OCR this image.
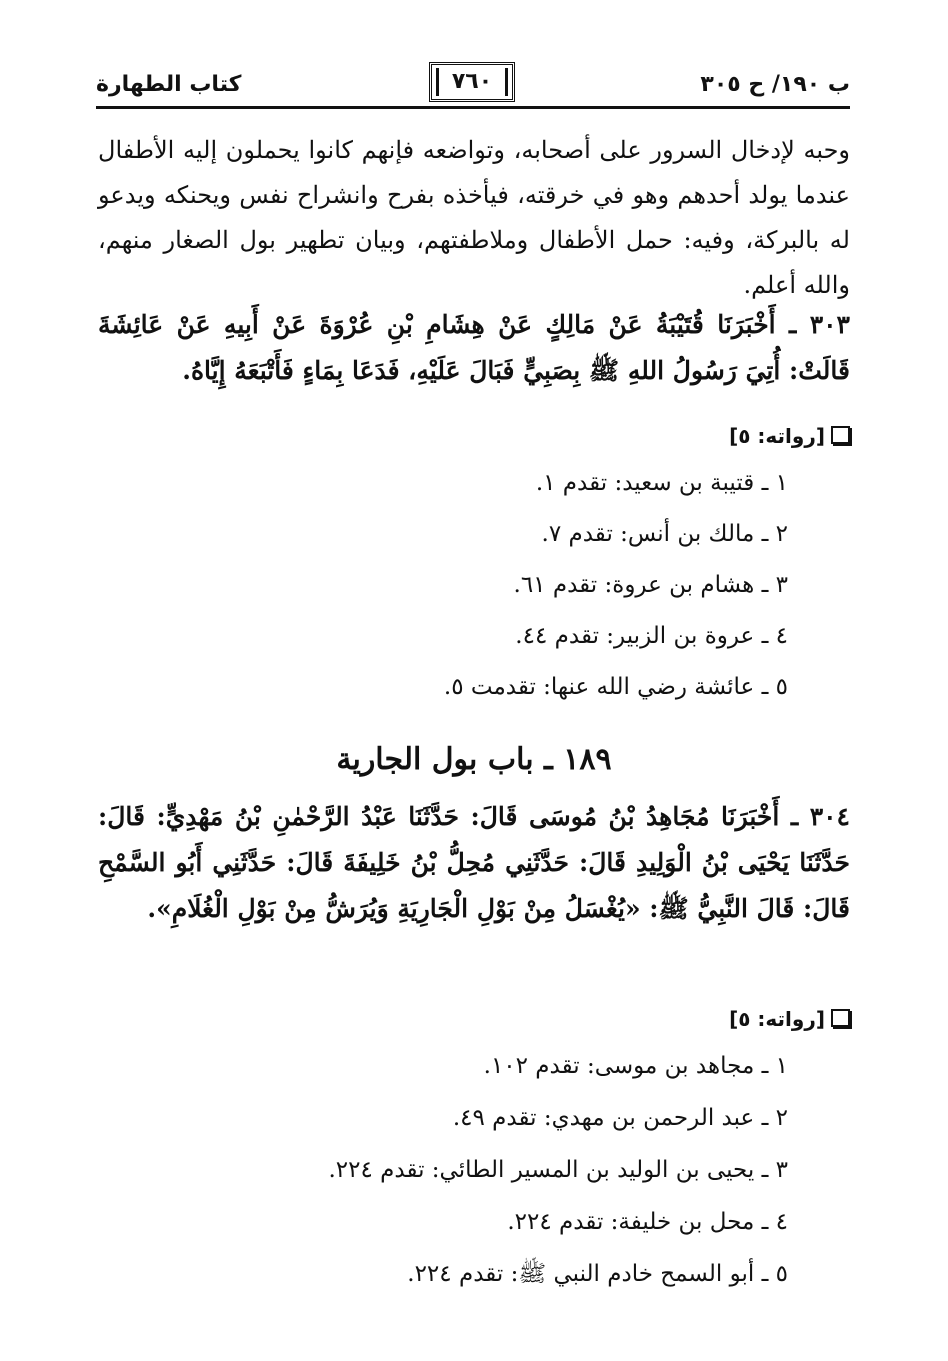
ب ١٩٠/ ح ٣٠٥
٧٦٠
كتاب الطهارة
وحبه لإدخال السرور على أصحابه، وتواضعه فإنهم كانوا يحملون إليه الأطفال عندما يولد أحدهم وهو في خرقته، فيأخذه بفرح وانشراح نفس ويحنكه ويدعو له بالبركة، وفيه: حمل الأطفال وملاطفتهم، وبيان تطهير بول الصغار منهم، والله أعلم.
٣٠٣ ـ أَخْبَرَنَا قُتَيْبَةُ عَنْ مَالِكٍ عَنْ هِشَامِ بْنِ عُرْوَةَ عَنْ أَبِيهِ عَنْ عَائِشَةَ قَالَتْ: أُتِيَ رَسُولُ اللهِ ﷺ بِصَبِيٍّ فَبَالَ عَلَيْهِ، فَدَعَا بِمَاءٍ فَأَتْبَعَهُ إِيَّاهُ.
[رواته: ٥]
١ ـ قتيبة بن سعيد: تقدم ١.
٢ ـ مالك بن أنس: تقدم ٧.
٣ ـ هشام بن عروة: تقدم ٦١.
٤ ـ عروة بن الزبير: تقدم ٤٤.
٥ ـ عائشة رضي الله عنها: تقدمت ٥.
١٨٩ ـ باب بول الجارية
٣٠٤ ـ أَخْبَرَنَا مُجَاهِدُ بْنُ مُوسَى قَالَ: حَدَّثَنَا عَبْدُ الرَّحْمٰنِ بْنُ مَهْدِيٍّ: قَالَ: حَدَّثَنَا يَحْيَى بْنُ الْوَلِيدِ قَالَ: حَدَّثَنِي مُحِلُّ بْنُ خَلِيفَةَ قَالَ: حَدَّثَنِي أَبُو السَّمْحِ قَالَ: قَالَ النَّبِيُّ ﷺ: «يُغْسَلُ مِنْ بَوْلِ الْجَارِيَةِ وَيُرَشُّ مِنْ بَوْلِ الْغُلَامِ».
[رواته: ٥]
١ ـ مجاهد بن موسى: تقدم ١٠٢.
٢ ـ عبد الرحمن بن مهدي: تقدم ٤٩.
٣ ـ يحيى بن الوليد بن المسير الطائي: تقدم ٢٢٤.
٤ ـ محل بن خليفة: تقدم ٢٢٤.
٥ ـ أبو السمح خادم النبي ﷺ: تقدم ٢٢٤.
